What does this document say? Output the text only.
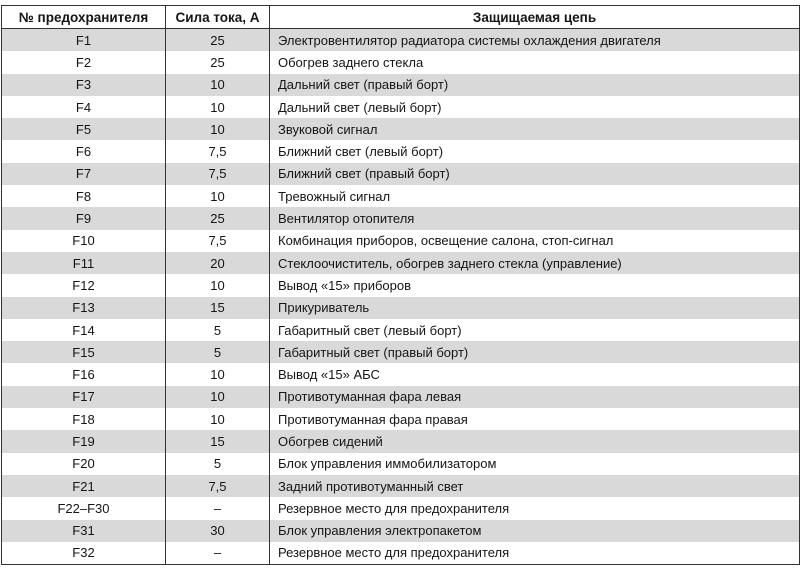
№ предохранителя	Сила тока, А	Защищаемая цепь
F1	25	Электровентилятор радиатора системы охлаждения двигателя
F2	25	Обогрев заднего стекла
F3	10	Дальний свет (правый борт)
F4	10	Дальний свет (левый борт)
F5	10	Звуковой сигнал
F6	7,5	Ближний свет (левый борт)
F7	7,5	Ближний свет (правый борт)
F8	10	Тревожный сигнал
F9	25	Вентилятор отопителя
F10	7,5	Комбинация приборов, освещение салона, стоп-сигнал
F11	20	Стеклоочиститель, обогрев заднего стекла (управление)
F12	10	Вывод «15» приборов
F13	15	Прикуриватель
F14	5	Габаритный свет (левый борт)
F15	5	Габаритный свет (правый борт)
F16	10	Вывод «15» АБС
F17	10	Противотуманная фара левая
F18	10	Противотуманная фара правая
F19	15	Обогрев сидений
F20	5	Блок управления иммобилизатором
F21	7,5	Задний противотуманный свет
F22–F30	–	Резервное место для предохранителя
F31	30	Блок управления электропакетом
F32	–	Резервное место для предохранителя
